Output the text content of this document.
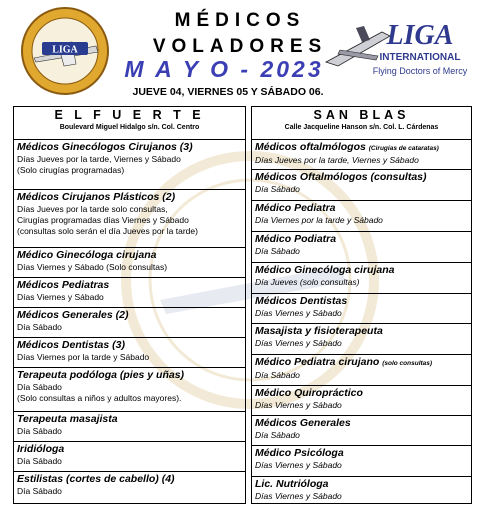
LIGA
MÉDICOS
VOLADORES
M A Y O - 2023
JUEVE 04, VIERNES 05 Y SÁBADO 06.
LIGA
INTERNATIONAL
Flying Doctors of Mercy
E L F U E R T E
Boulevard Miguel Hidalgo s/n. Col. Centro
Médicos Ginecólogos Cirujanos (3)
Días Jueves por la tarde, Viernes y Sábado
(Solo cirugías programadas)
Médicos Cirujanos Plásticos (2)
Días Jueves por la tarde solo consultas,
Cirugías programadas días Viernes y Sábado
(consultas solo serán el día Jueves por la tarde)
Médico Ginecóloga cirujana
Días Viernes y Sábado (Solo consultas)
Médicos Pediatras
Días Viernes y Sábado
Médicos Generales (2)
Día Sábado
Médicos Dentistas (3)
Días Viernes por la tarde y Sábado
Terapeuta podóloga (pies y uñas)
Día Sábado
(Solo consultas a niños y adultos mayores).
Terapeuta masajista
Día Sábado
Iridióloga
Día Sábado
Estilistas (cortes de cabello) (4)
Día Sábado
SAN BLAS
Calle Jacqueline Hanson s/n. Col. L. Cárdenas
Médicos oftalmólogos (Cirugías de cataratas)
Días Jueves por la tarde, Viernes y Sábado
Médicos Oftalmólogos (consultas)
Día Sábado
Médico Pediatra
Día Viernes por la tarde y Sábado
Médico Podiatra
Día Sábado
Médico Ginecóloga cirujana
Día Jueves (solo consultas)
Médicos Dentistas
Días Viernes y Sábado
Masajista y fisioterapeuta
Días Viernes y Sábado
Médico Pediatra cirujano (solo consultas)
Día Sábado
Médico Quiropráctico
Días Viernes y Sábado
Médicos Generales
Día Sábado
Médico Psicóloga
Días Viernes y Sábado
Lic. Nutrióloga
Días Viernes y Sábado
